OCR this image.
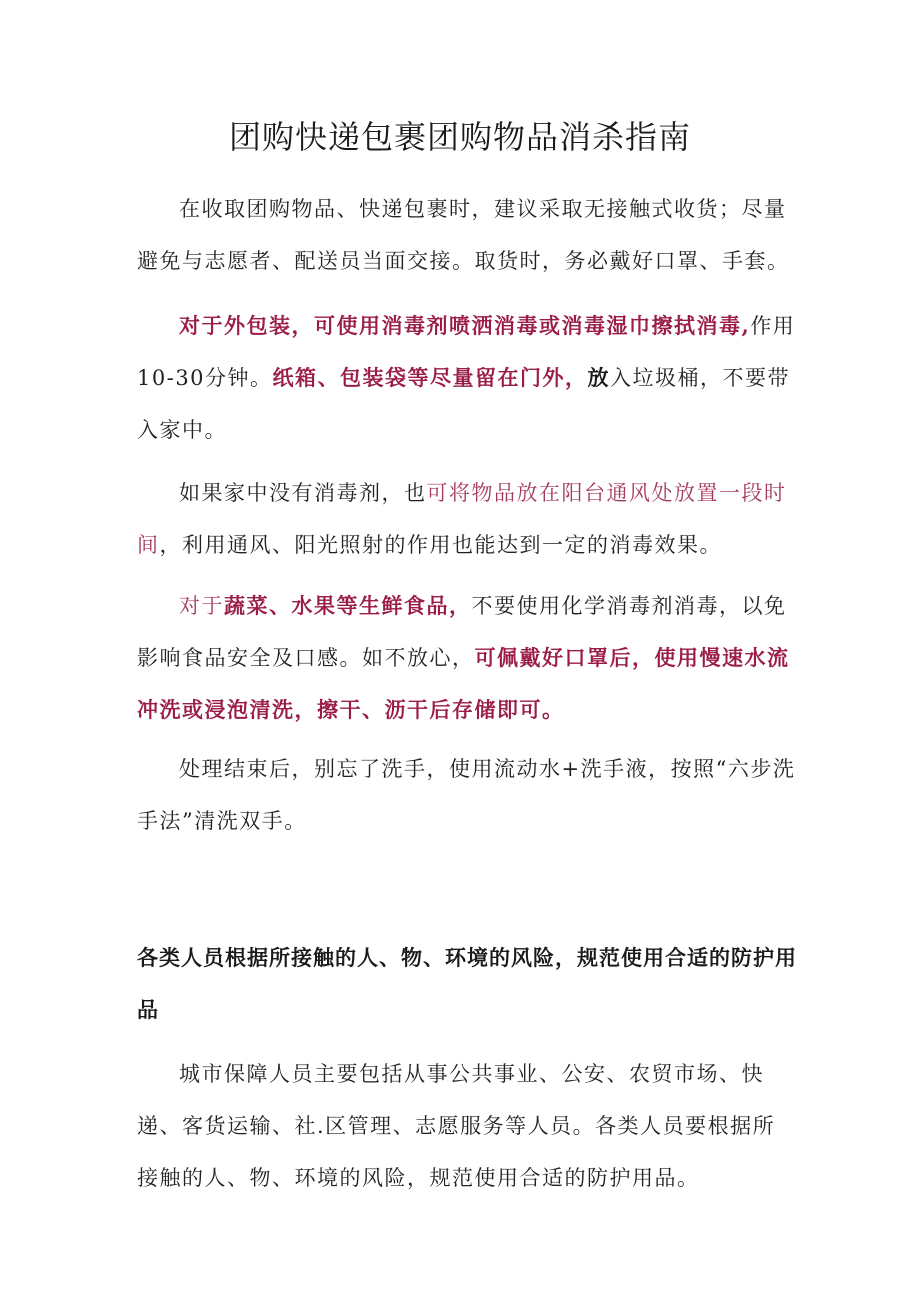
团购快递包裹团购物品消杀指南

在收取团购物品、快递包裹时，建议采取无接触式收货；尽量避免与志愿者、配送员当面交接。取货时，务必戴好口罩、手套。

对于外包装，可使用消毒剂喷洒消毒或消毒湿巾擦拭消毒,作用10-30分钟。纸箱、包装袋等尽量留在门外，放入垃圾桶，不要带入家中。

如果家中没有消毒剂，也可将物品放在阳台通风处放置一段时间，利用通风、阳光照射的作用也能达到一定的消毒效果。

对于蔬菜、水果等生鲜食品，不要使用化学消毒剂消毒，以免影响食品安全及口感。如不放心，可佩戴好口罩后，使用慢速水流冲洗或浸泡清洗，擦干、沥干后存储即可。

处理结束后，别忘了洗手，使用流动水+洗手液，按照“六步洗手法”清洗双手。

各类人员根据所接触的人、物、环境的风险，规范使用合适的防护用品

城市保障人员主要包括从事公共事业、公安、农贸市场、快递、客货运输、社.区管理、志愿服务等人员。各类人员要根据所接触的人、物、环境的风险，规范使用合适的防护用品。
